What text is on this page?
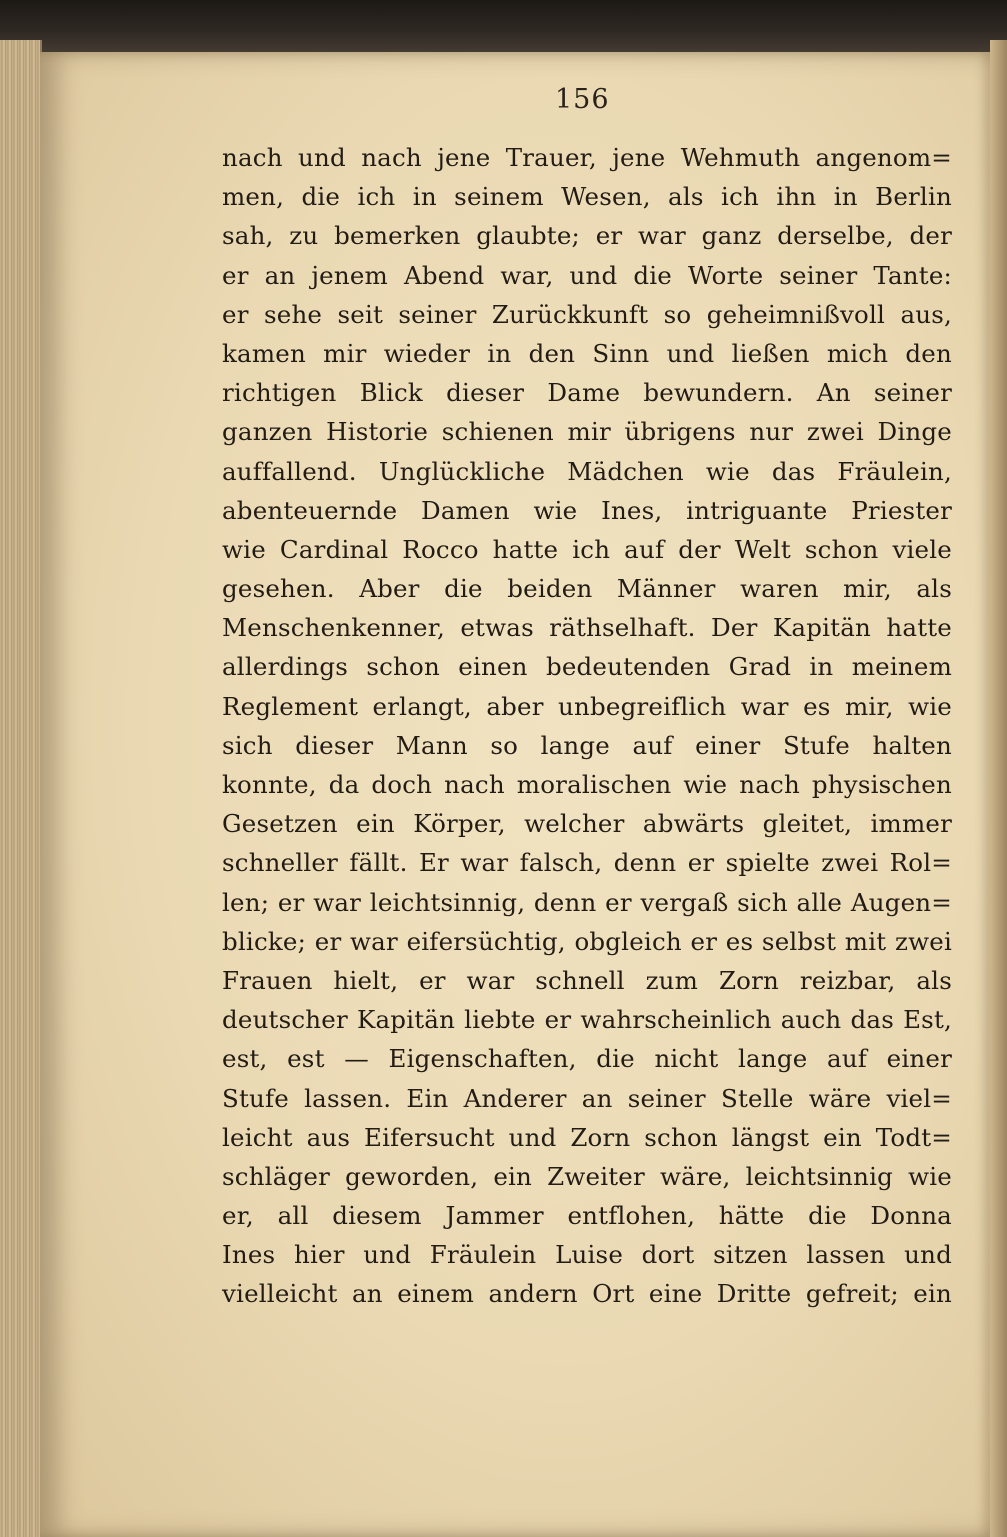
156
nach und nach jene Trauer, jene Wehmuth angenom=
men, die ich in seinem Wesen, als ich ihn in Berlin
sah, zu bemerken glaubte; er war ganz derselbe, der
er an jenem Abend war, und die Worte seiner Tante:
er sehe seit seiner Zurückkunft so geheimnißvoll aus,
kamen mir wieder in den Sinn und ließen mich den
richtigen Blick dieser Dame bewundern. An seiner
ganzen Historie schienen mir übrigens nur zwei Dinge
auffallend. Unglückliche Mädchen wie das Fräulein,
abenteuernde Damen wie Ines, intriguante Priester
wie Cardinal Rocco hatte ich auf der Welt schon viele
gesehen. Aber die beiden Männer waren mir, als
Menschenkenner, etwas räthselhaft. Der Kapitän hatte
allerdings schon einen bedeutenden Grad in meinem
Reglement erlangt, aber unbegreiflich war es mir, wie
sich dieser Mann so lange auf einer Stufe halten
konnte, da doch nach moralischen wie nach physischen
Gesetzen ein Körper, welcher abwärts gleitet, immer
schneller fällt. Er war falsch, denn er spielte zwei Rol=
len; er war leichtsinnig, denn er vergaß sich alle Augen=
blicke; er war eifersüchtig, obgleich er es selbst mit zwei
Frauen hielt, er war schnell zum Zorn reizbar, als
deutscher Kapitän liebte er wahrscheinlich auch das Est,
est, est — Eigenschaften, die nicht lange auf einer
Stufe lassen. Ein Anderer an seiner Stelle wäre viel=
leicht aus Eifersucht und Zorn schon längst ein Todt=
schläger geworden, ein Zweiter wäre, leichtsinnig wie
er, all diesem Jammer entflohen, hätte die Donna
Ines hier und Fräulein Luise dort sitzen lassen und
vielleicht an einem andern Ort eine Dritte gefreit; ein
